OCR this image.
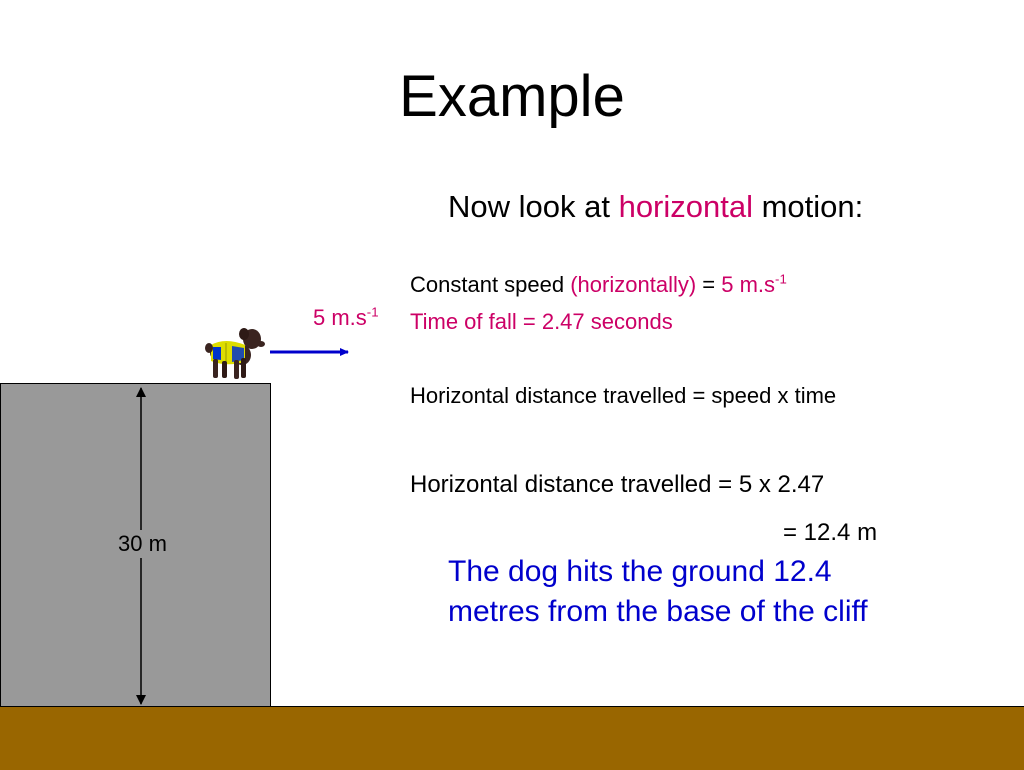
Example
Now look at horizontal motion:
Constant speed (horizontally) = 5 $m.s^{-1}$
Time of fall = 2.47 seconds
Horizontal distance travelled = speed x time
Horizontal distance travelled = 5 x 2.47
= 12.4 m
The dog hits the ground 12.4 metres from the base of the cliff
5 $m.s^{-1}$
30 m
